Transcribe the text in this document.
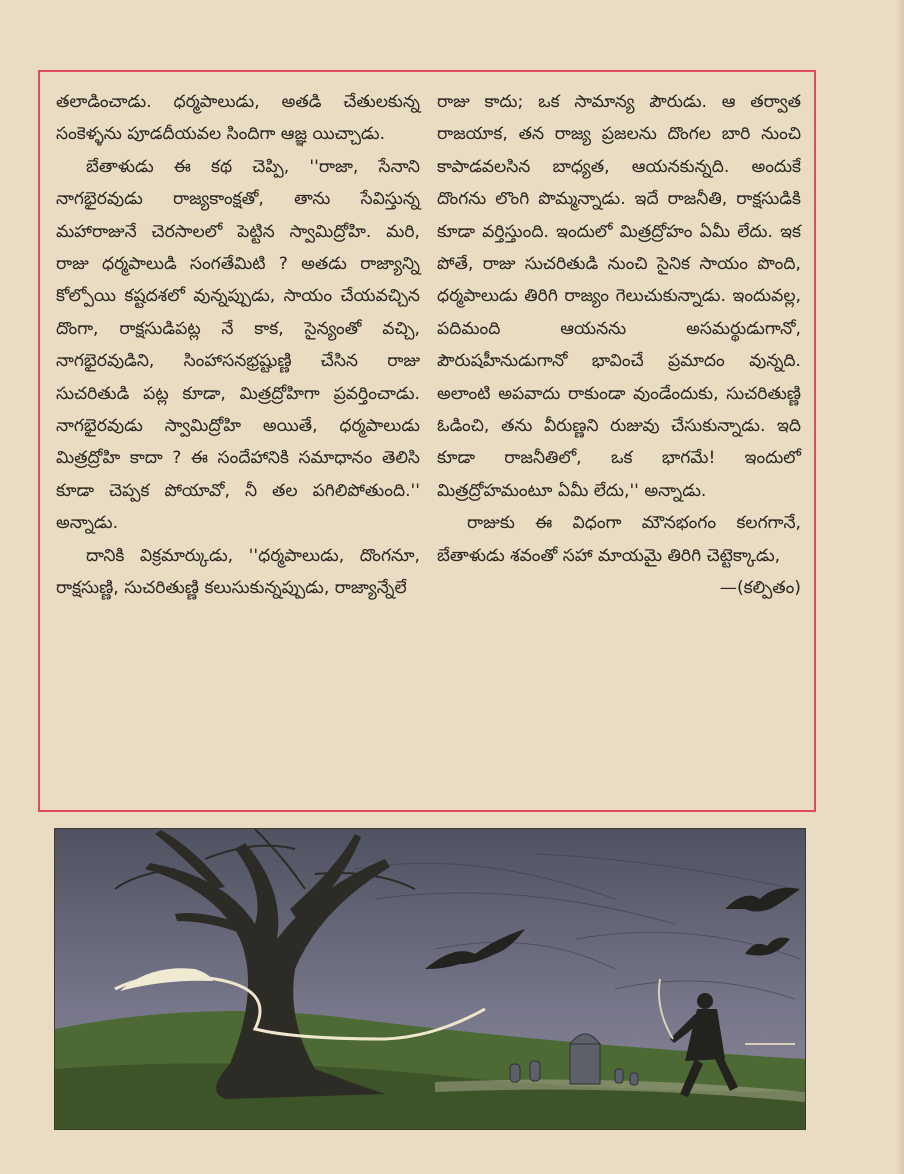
తలాడించాడు. ధర్మపాలుడు, అతడి చేతులకున్న సంకెళ్ళను పూడదీయవల సిందిగా ఆజ్ఞ యిచ్చాడు.

బేతాళుడు ఈ కథ చెప్పి, ''రాజా, సేనాని నాగభైరవుడు రాజ్యకాంక్షతో, తాను సేవిస్తున్న మహారాజునే చెరసాలలో పెట్టిన స్వామిద్రోహి. మరి, రాజు ధర్మపాలుడి సంగతేమిటి ? అతడు రాజ్యాన్ని కోల్పోయి కష్టదశలో వున్నప్పుడు, సాయం చేయవచ్చిన దొంగా, రాక్షసుడిపట్ల నే కాక, సైన్యంతో వచ్చి, నాగభైరవుడిని, సింహాసనభ్రష్టుణ్ణి చేసిన రాజు సుచరితుడి పట్ల కూడా, మిత్రద్రోహిగా ప్రవర్తించాడు. నాగభైరవుడు స్వామిద్రోహి అయితే, ధర్మపాలుడు మిత్రద్రోహి కాదా ? ఈ సందేహానికి సమాధానం తెలిసి కూడా చెప్పక పోయావో, నీ తల పగిలిపోతుంది.'' అన్నాడు.

దానికి విక్రమార్కుడు, ''ధర్మపాలుడు, దొంగనూ, రాక్షసుణ్ణి, సుచరితుణ్ణి కలుసుకున్నప్పుడు, రాజ్యాన్నేలే

రాజు కాదు; ఒక సామాన్య పౌరుడు. ఆ తర్వాత రాజయాక, తన రాజ్య ప్రజలను దొంగల బారి నుంచి కాపాడవలసిన బాధ్యత, ఆయనకున్నది. అందుకే దొంగను లొంగి పొమ్మన్నాడు. ఇదే రాజనీతి, రాక్షసుడికి కూడా వర్తిస్తుంది. ఇందులో మిత్రద్రోహం ఏమీ లేదు. ఇక పోతే, రాజు సుచరితుడి నుంచి సైనిక సాయం పొంది, ధర్మపాలుడు తిరిగి రాజ్యం గెలుచుకున్నాడు. ఇందువల్ల, పదిమంది ఆయనను అసమర్థుడుగానో, పౌరుషహీనుడుగానో భావించే ప్రమాదం వున్నది. అలాంటి అపవాదు రాకుండా వుండేందుకు, సుచరితుణ్ణి ఓడించి, తను వీరుణ్ణని రుజువు చేసుకున్నాడు. ఇది కూడా రాజనీతిలో, ఒక భాగమే! ఇందులో మిత్రద్రోహమంటూ ఏమీ లేదు,'' అన్నాడు.

రాజుకు ఈ విధంగా మౌనభంగం కలగగానే, బేతాళుడు శవంతో సహా మాయమై తిరిగి చెట్టెక్కాడు,
—(కల్పితం)
